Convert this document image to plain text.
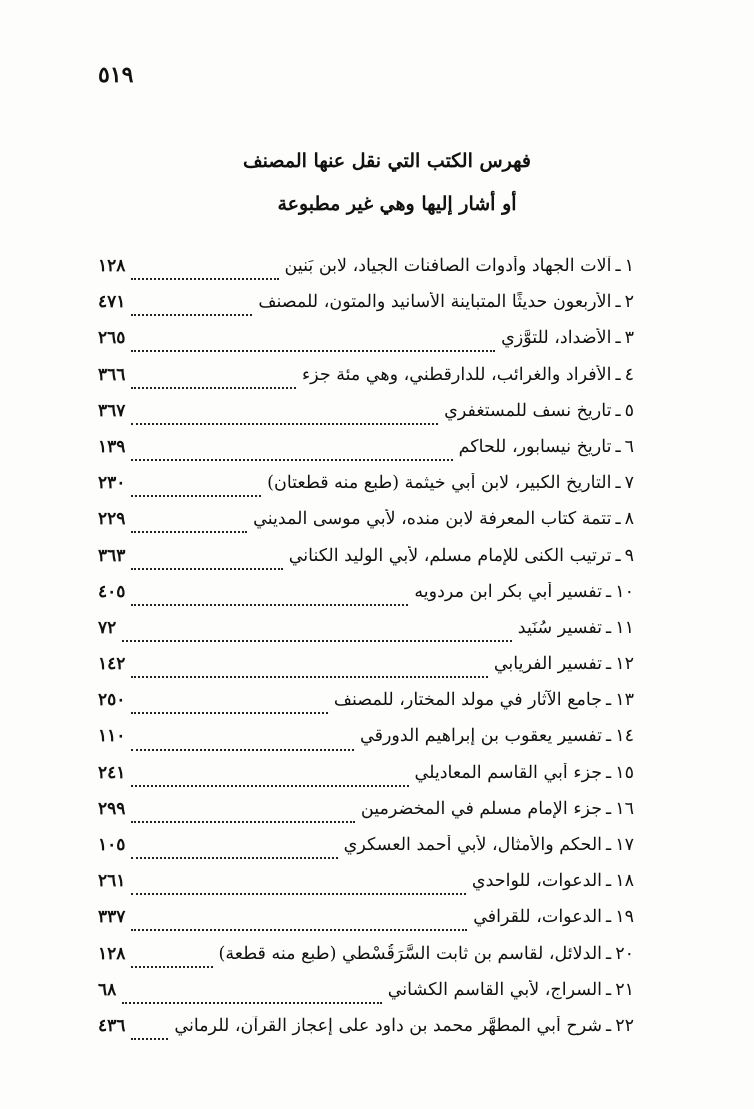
٥١٩
فهرس الكتب التي نقل عنها المصنف
أو أشار إليها وهي غير مطبوعة
١
ـ
آلات الجهاد وأدوات الصافنات الجياد، لابن بَنين
١٢٨
٢
ـ
الأربعون حديثًا المتباينة الأسانيد والمتون، للمصنف
٤٧١
٣
ـ
الأضداد، للتوَّزي
٢٦٥
٤
ـ
الأفراد والغرائب، للدارقطني، وهي مئة جزء
٣٦٦
٥
ـ
تاريخ نسف للمستغفري
٣٦٧
٦
ـ
تاريخ نيسابور، للحاكم
١٣٩
٧
ـ
التاريخ الكبير، لابن أبي خيثمة (طبع منه قطعتان)
٢٣٠
٨
ـ
تتمة كتاب المعرفة لابن منده، لأبي موسى المديني
٢٢٩
٩
ـ
ترتيب الكنى للإمام مسلم، لأبي الوليد الكناني
٣٦٣
١٠
ـ
تفسير أبي بكر ابن مردويه
٤٠٥
١١
ـ
تفسير سُنَيد
٧٢
١٢
ـ
تفسير الفريابي
١٤٢
١٣
ـ
جامع الآثار في مولد المختار، للمصنف
٢٥٠
١٤
ـ
تفسير يعقوب بن إبراهيم الدورقي
١١٠
١٥
ـ
جزء أبي القاسم المعاديلي
٢٤١
١٦
ـ
جزء الإمام مسلم في المخضرمين
٢٩٩
١٧
ـ
الحكم والأمثال، لأبي أحمد العسكري
١٠٥
١٨
ـ
الدعوات، للواحدي
٢٦١
١٩
ـ
الدعوات، للقرافي
٣٣٧
٢٠
ـ
الدلائل، لقاسم بن ثابت السَّرَقُسْطي (طبع منه قطعة)
١٢٨
٢١
ـ
السراج، لأبي القاسم الكشاني
٦٨
٢٢
ـ
شرح أبي المطهَّر محمد بن داود على إعجاز القرآن، للرماني
٤٣٦
